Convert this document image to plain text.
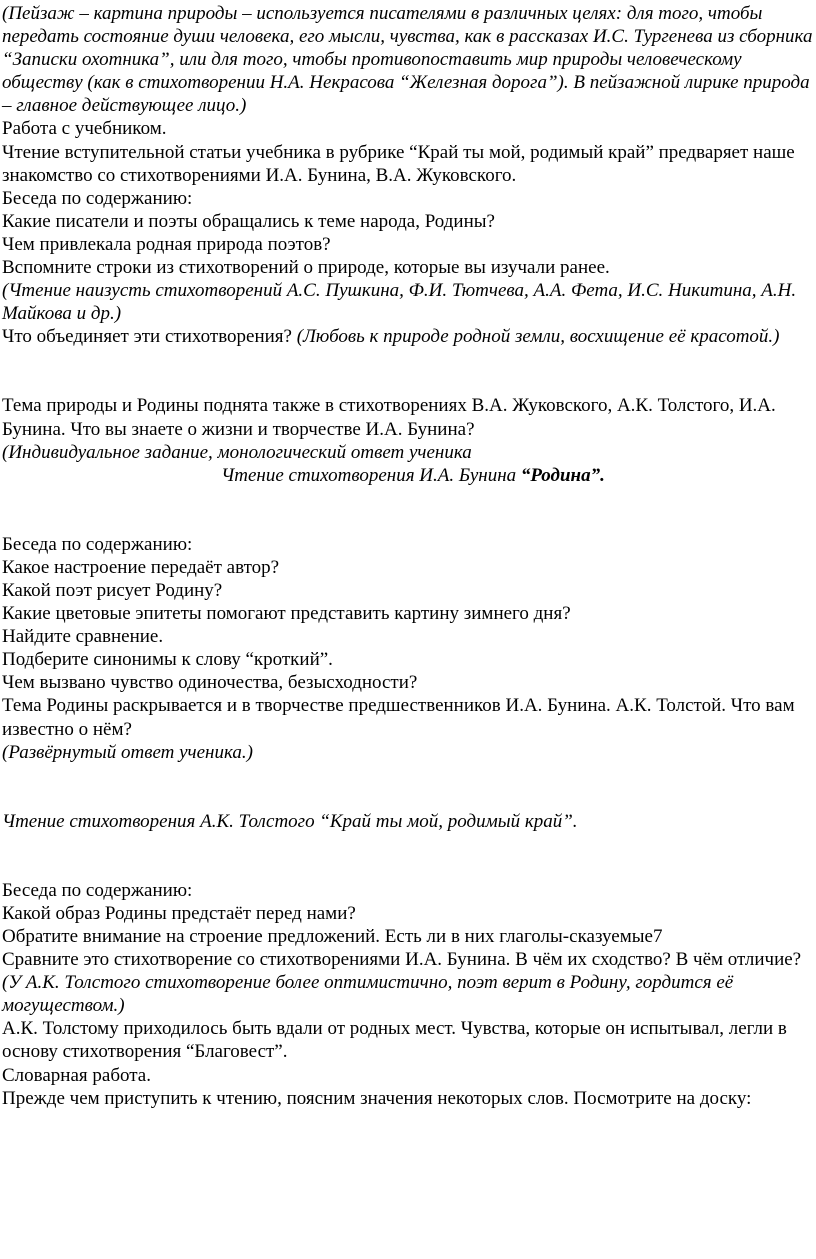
(Пейзаж – картина природы – используется писателями в различных целях: для того, чтобы передать состояние души человека, его мысли, чувства, как в рассказах И.С. Тургенева из сборника “Записки охотника”, или для того, чтобы противопоставить мир природы человеческому обществу (как в стихотворении Н.А. Некрасова “Железная дорога”). В пейзажной лирике природа – главное действующее лицо.)

Работа с учебником.

Чтение вступительной статьи учебника в рубрике “Край ты мой, родимый край” предваряет наше знакомство со стихотворениями И.А. Бунина, В.А. Жуковского.

Беседа по содержанию:

Какие писатели и поэты обращались к теме народа, Родины?

Чем привлекала родная природа поэтов?

Вспомните строки из стихотворений о природе, которые вы изучали ранее.

(Чтение наизусть стихотворений А.С. Пушкина, Ф.И. Тютчева, А.А. Фета, И.С. Никитина, А.Н. Майкова и др.)

Что объединяет эти стихотворения? (Любовь к природе родной земли, восхищение её красотой.)

Тема природы и Родины поднята также в стихотворениях В.А. Жуковского, А.К. Толстого, И.А. Бунина. Что вы знаете о жизни и творчестве И.А. Бунина?

(Индивидуальное задание, монологический ответ ученика

Чтение стихотворения И.А. Бунина “Родина”.

Беседа по содержанию:

Какое настроение передаёт автор?

Какой поэт рисует Родину?

Какие цветовые эпитеты помогают представить картину зимнего дня?

Найдите сравнение.

Подберите синонимы к слову “кроткий”.

Чем вызвано чувство одиночества, безысходности?

Тема Родины раскрывается и в творчестве предшественников И.А. Бунина. А.К. Толстой. Что вам известно о нём?

(Развёрнутый ответ ученика.)

Чтение стихотворения А.К. Толстого “Край ты мой, родимый край”.

Беседа по содержанию:

Какой образ Родины предстаёт перед нами?

Обратите внимание на строение предложений. Есть ли в них глаголы-сказуемые7

Сравните это стихотворение со стихотворениями И.А. Бунина. В чём их сходство? В чём отличие? (У А.К. Толстого стихотворение более оптимистично, поэт верит в Родину, гордится её могуществом.)

А.К. Толстому приходилось быть вдали от родных мест. Чувства, которые он испытывал, легли в основу стихотворения “Благовест”.

Словарная работа.

Прежде чем приступить к чтению, поясним значения некоторых слов. Посмотрите на доску:
